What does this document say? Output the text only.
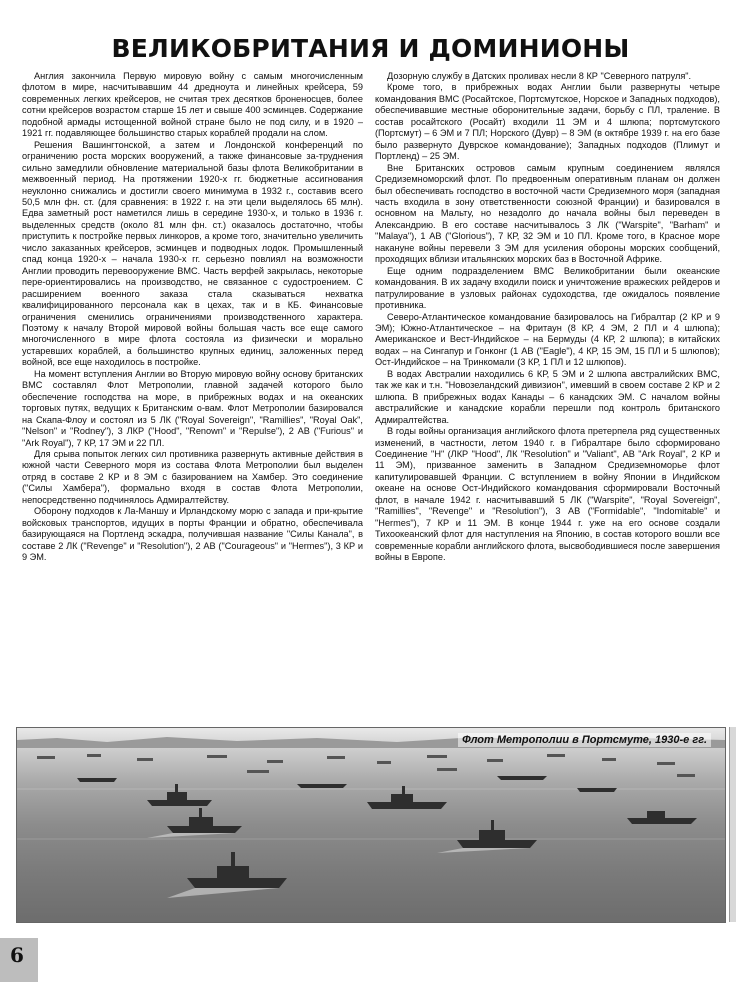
ВЕЛИКОБРИТАНИЯ И ДОМИНИОНЫ

Англия закончила Первую мировую войну с самым многочисленным флотом в мире, насчитывавшим 44 дредноута и линейных крейсера, 59 современных легких крейсеров, не считая трех десятков броненосцев, более сотни крейсеров возрастом старше 15 лет и свыше 400 эсминцев. Содержание подобной армады истощенной войной стране было не под силу, и в 1920 – 1921 гг. подавляющее большинство старых кораблей продали на слом.

Решения Вашингтонской, а затем и Лондонской конференций по ограничению роста морских вооружений, а также финансовые за-труднения сильно замедлили обновление материальной базы флота Великобритании в межвоенный период. На протяжении 1920-х гг. бюджетные ассигнования неуклонно снижались и достигли своего минимума в 1932 г., составив всего 50,5 млн фн. ст. (для сравнения: в 1922 г. на эти цели выделялось 65 млн). Едва заметный рост наметился лишь в середине 1930-х, и только в 1936 г. выделенных средств (около 81 млн фн. ст.) оказалось достаточно, чтобы приступить к постройке первых линкоров, а кроме того, значительно увеличить число заказанных крейсеров, эсминцев и подводных лодок. Промышленный спад конца 1920-х – начала 1930-х гг. серьезно повлиял на возможности Англии проводить перевооружение ВМС. Часть верфей закрылась, некоторые пере-ориентировались на производство, не связанное с судостроением. С расширением военного заказа стала сказываться нехватка квалифицированного персонала как в цехах, так и в КБ. Финансовые ограничения сменились ограничениями производственного характера. Поэтому к началу Второй мировой войны большая часть все еще самого многочисленного в мире флота состояла из физически и морально устаревших кораблей, а большинство крупных единиц, заложенных перед войной, все еще находилось в постройке.

На момент вступления Англии во Вторую мировую войну основу британских ВМС составлял Флот Метрополии, главной задачей которого было обеспечение господства на море, в прибрежных водах и на океанских торговых путях, ведущих к Британским о-вам. Флот Метрополии базировался на Скапа-Флоу и состоял из 5 ЛК ("Royal Sovereign", "Ramillies", "Royal Oak", "Nelson" и "Rodney"), 3 ЛКР ("Hood", "Renown" и "Repulse"), 2 АВ ("Furious" и "Ark Royal"), 7 КР, 17 ЭМ и 22 ПЛ.

Для срыва попыток легких сил противника развернуть активные действия в южной части Северного моря из состава Флота Метрополии был выделен отряд в составе 2 КР и 8 ЭМ с базированием на Хамбер. Это соединение ("Силы Хамбера"), формально входя в состав Флота Метрополии, непосредственно подчинялось Адмиралтейству.

Оборону подходов к Ла-Маншу и Ирландскому морю с запада и при-крытие войсковых транспортов, идущих в порты Франции и обратно, обеспечивала базирующаяся на Портленд эскадра, получившая название "Силы Канала", в составе 2 ЛК ("Revenge" и "Resolution"), 2 АВ ("Courageous" и "Hermes"), 3 КР и 9 ЭМ.

Дозорную службу в Датских проливах несли 8 КР "Северного патруля".

Кроме того, в прибрежных водах Англии были развернуты четыре командования ВМС (Росайтское, Портсмутское, Норское и Западных подходов), обеспечивавшие местные оборонительные задачи, борьбу с ПЛ, траление. В состав росайтского (Росайт) входили 11 ЭМ и 4 шлюпа; портсмутского (Портсмут) – 6 ЭМ и 7 ПЛ; Норского (Дувр) – 8 ЭМ (в октябре 1939 г. на его базе было развернуто Дуврское командование); Западных подходов (Плимут и Портленд) – 25 ЭМ.

Вне Британских островов самым крупным соединением являлся Средиземноморский флот. По предвоенным оперативным планам он должен был обеспечивать господство в восточной части Средиземного моря (западная часть входила в зону ответственности союзной Франции) и базировался в основном на Мальту, но незадолго до начала войны был переведен в Александрию. В его составе насчитывалось 3 ЛК ("Warspite", "Barham" и "Malaya"), 1 АВ ("Glorious"), 7 КР, 32 ЭМ и 10 ПЛ. Кроме того, в Красное море накануне войны перевели 3 ЭМ для усиления обороны морских сообщений, проходящих вблизи итальянских морских баз в Восточной Африке.

Еще одним подразделением ВМС Великобритании были океанские командования. В их задачу входили поиск и уничтожение вражеских рейдеров и патрулирование в узловых районах судоходства, где ожидалось появление противника.

Северо-Атлантическое командование базировалось на Гибралтар (2 КР и 9 ЭМ); Южно-Атлантическое – на Фритаун (8 КР, 4 ЭМ, 2 ПЛ и 4 шлюпа); Американское и Вест-Индийское – на Бермуды (4 КР, 2 шлюпа); в китайских водах – на Сингапур и Гонконг (1 АВ ("Eagle"), 4 КР, 15 ЭМ, 15 ПЛ и 5 шлюпов); Ост-Индийское – на Тринкомали (3 КР, 1 ПЛ и 12 шлюпов).

В водах Австралии находились 6 КР, 5 ЭМ и 2 шлюпа австралийских ВМС, так же как и т.н. "Новозеландский дивизион", имевший в своем составе 2 КР и 2 шлюпа. В прибрежных водах Канады – 6 канадских ЭМ. С началом войны австралийские и канадские корабли перешли под контроль британского Адмиралтейства.

В годы войны организация английского флота претерпела ряд существенных изменений, в частности, летом 1940 г. в Гибралтаре было сформировано Соединение "Н" (ЛКР "Hood", ЛК "Resolution" и "Valiant", АВ "Ark Royal", 2 КР и 11 ЭМ), призванное заменить в Западном Средиземноморье флот капитулировавшей Франции. С вступлением в войну Японии в Индийском океане на основе Ост-Индийского командования сформировали Восточный флот, в начале 1942 г. насчитывавший 5 ЛК ("Warspite", "Royal Sovereign", "Ramillies", "Revenge" и "Resolution"), 3 АВ ("Formidable", "Indomitable" и "Hermes"), 7 КР и 11 ЭМ. В конце 1944 г. уже на его основе создали Тихоокеанский флот для наступления на Японию, в состав которого вошли все современные корабли английского флота, высвободившиеся после завершения войны в Европе.

Флот Метрополии в Портсмуте, 1930-е гг.
6
